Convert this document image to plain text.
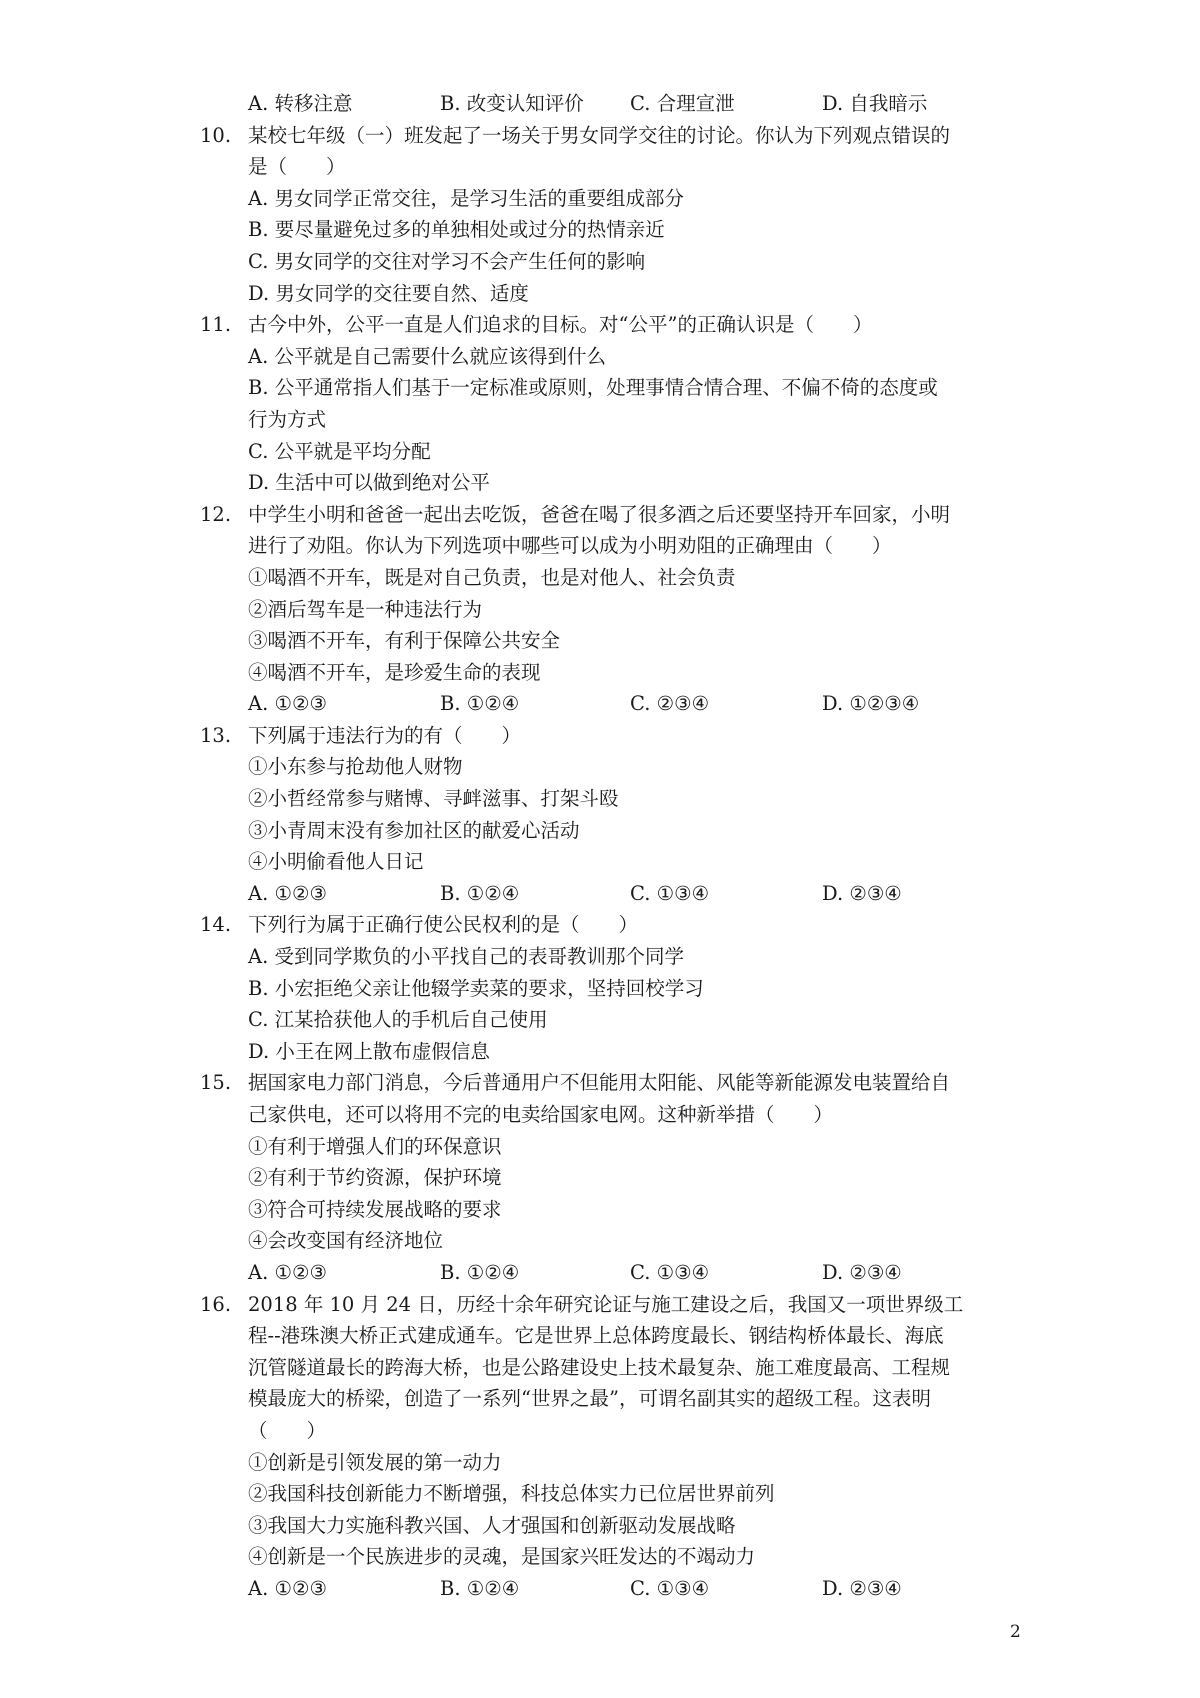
A. 转移注意	B. 改变认知评价 C. 合理宣泄	D. 自我暗示
10. 某校七年级（一）班发起了一场关于男女同学交往的讨论。你认为下列观点错误的
是（　　）
A. 男女同学正常交往，是学习生活的重要组成部分
B. 要尽量避免过多的单独相处或过分的热情亲近
C. 男女同学的交往对学习不会产生任何的影响
D. 男女同学的交往要自然、适度
11. 古今中外，公平一直是人们追求的目标。对“公平”的正确认识是（　　）
A. 公平就是自己需要什么就应该得到什么
B. 公平通常指人们基于一定标准或原则，处理事情合情合理、不偏不倚的态度或
行为方式
C. 公平就是平均分配
D. 生活中可以做到绝对公平
12. 中学生小明和爸爸一起出去吃饭，爸爸在喝了很多酒之后还要坚持开车回家，小明
进行了劝阻。你认为下列选项中哪些可以成为小明劝阻的正确理由（　　）
①喝酒不开车，既是对自己负责，也是对他人、社会负责
②酒后驾车是一种违法行为
③喝酒不开车，有利于保障公共安全
④喝酒不开车，是珍爱生命的表现
A. ①②③	B. ①②④	C. ②③④	D. ①②③④
13. 下列属于违法行为的有（　　）
①小东参与抢劫他人财物
②小哲经常参与赌博、寻衅滋事、打架斗殴
③小青周末没有参加社区的献爱心活动
④小明偷看他人日记
A. ①②③	B. ①②④	C. ①③④	D. ②③④
14. 下列行为属于正确行使公民权利的是（　　）
A. 受到同学欺负的小平找自己的表哥教训那个同学
B. 小宏拒绝父亲让他辍学卖菜的要求，坚持回校学习
C. 江某拾获他人的手机后自己使用
D. 小王在网上散布虚假信息
15. 据国家电力部门消息，今后普通用户不但能用太阳能、风能等新能源发电装置给自
己家供电，还可以将用不完的电卖给国家电网。这种新举措（　　）
①有利于增强人们的环保意识
②有利于节约资源，保护环境
③符合可持续发展战略的要求
④会改变国有经济地位
A. ①②③	B. ①②④	C. ①③④	D. ②③④
16. 2018 年 10 月 24 日，历经十余年研究论证与施工建设之后，我国又一项世界级工
程--港珠澳大桥正式建成通车。它是世界上总体跨度最长、钢结构桥体最长、海底
沉管隧道最长的跨海大桥，也是公路建设史上技术最复杂、施工难度最高、工程规
模最庞大的桥梁，创造了一系列“世界之最”，可谓名副其实的超级工程。这表明
（　　）
①创新是引领发展的第一动力
②我国科技创新能力不断增强，科技总体实力已位居世界前列
③我国大力实施科教兴国、人才强国和创新驱动发展战略
④创新是一个民族进步的灵魂，是国家兴旺发达的不竭动力
A. ①②③	B. ①②④	C. ①③④	D. ②③④
2
